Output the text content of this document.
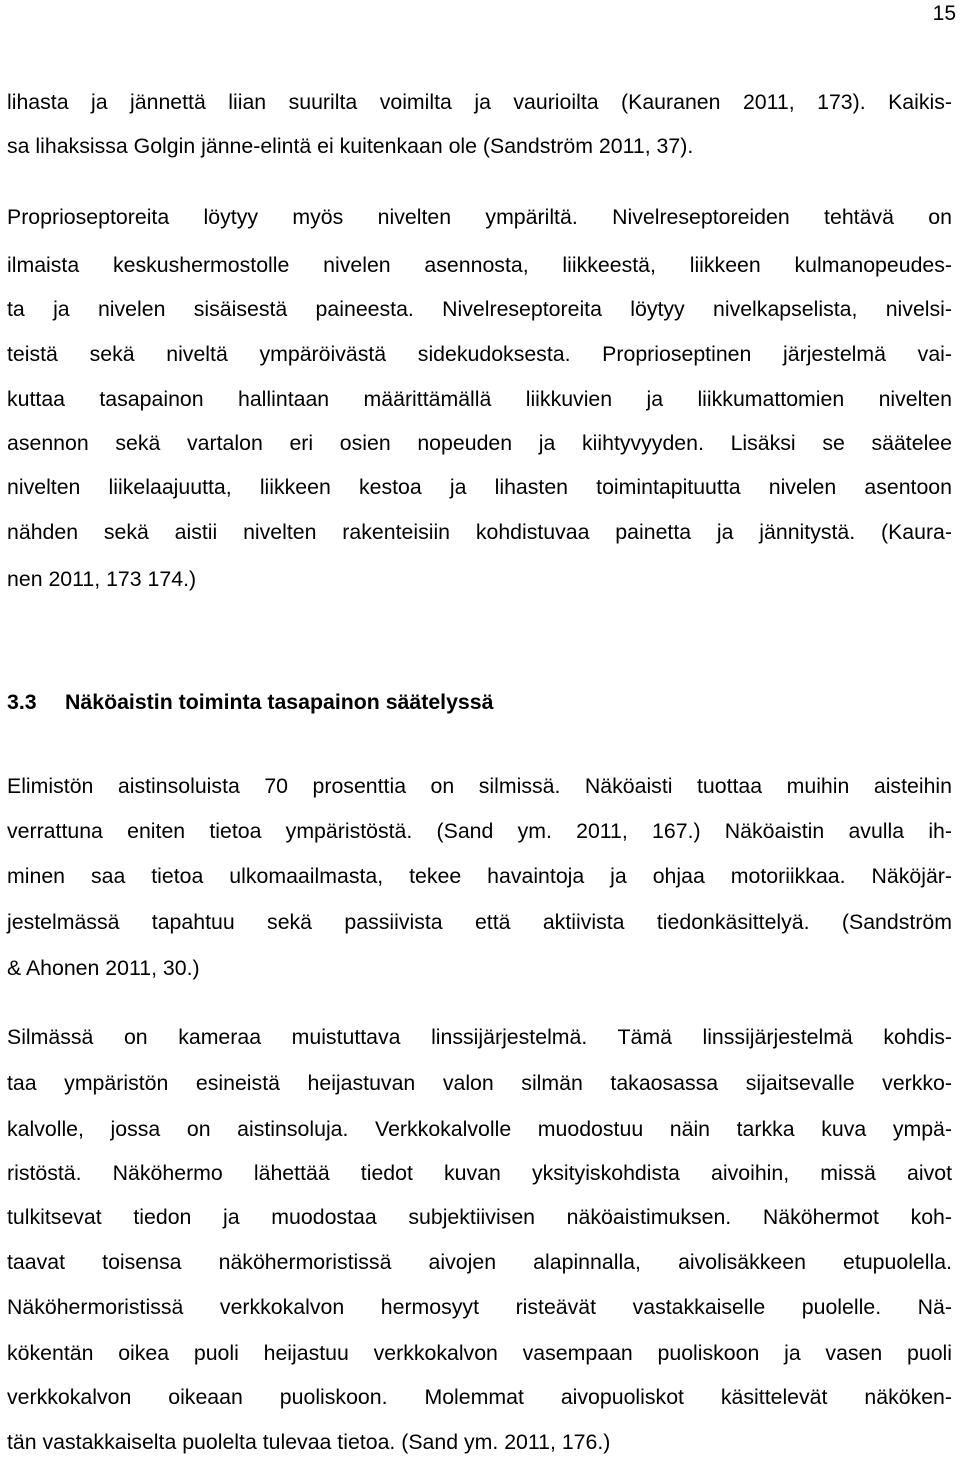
15
lihasta ja jännettä liian suurilta voimilta ja vaurioilta (Kauranen 2011, 173). Kaikis-
sa lihaksissa Golgin jänne-elintä ei kuitenkaan ole (Sandström 2011, 37).
Proprioseptoreita löytyy myös nivelten ympäriltä. Nivelreseptoreiden tehtävä on
ilmaista keskushermostolle nivelen asennosta, liikkeestä, liikkeen kulmanopeudes-
ta ja nivelen sisäisestä paineesta. Nivelreseptoreita löytyy nivelkapselista, nivelsi-
teistä sekä niveltä ympäröivästä sidekudoksesta. Proprioseptinen järjestelmä vai-
kuttaa tasapainon hallintaan määrittämällä liikkuvien ja liikkumattomien nivelten
asennon sekä vartalon eri osien nopeuden ja kiihtyvyyden. Lisäksi se säätelee
nivelten liikelaajuutta, liikkeen kestoa ja lihasten toimintapituutta nivelen asentoon
nähden sekä aistii nivelten rakenteisiin kohdistuvaa painetta ja jännitystä. (Kaura-
nen 2011, 173 174.)
3.3 Näköaistin toiminta tasapainon säätelyssä
Elimistön aistinsoluista 70 prosenttia on silmissä. Näköaisti tuottaa muihin aisteihin
verrattuna eniten tietoa ympäristöstä. (Sand ym. 2011, 167.) Näköaistin avulla ih-
minen saa tietoa ulkomaailmasta, tekee havaintoja ja ohjaa motoriikkaa. Näköjär-
jestelmässä tapahtuu sekä passiivista että aktiivista tiedonkäsittelyä. (Sandström
& Ahonen 2011, 30.)
Silmässä on kameraa muistuttava linssijärjestelmä. Tämä linssijärjestelmä kohdis-
taa ympäristön esineistä heijastuvan valon silmän takaosassa sijaitsevalle verkko-
kalvolle, jossa on aistinsoluja. Verkkokalvolle muodostuu näin tarkka kuva ympä-
ristöstä. Näköhermo lähettää tiedot kuvan yksityiskohdista aivoihin, missä aivot
tulkitsevat tiedon ja muodostaa subjektiivisen näköaistimuksen. Näköhermot koh-
taavat toisensa näköhermoristissä aivojen alapinnalla, aivolisäkkeen etupuolella.
Näköhermoristissä verkkokalvon hermosyyt risteävät vastakkaiselle puolelle. Nä-
kökentän oikea puoli heijastuu verkkokalvon vasempaan puoliskoon ja vasen puoli
verkkokalvon oikeaan puoliskoon. Molemmat aivopuoliskot käsittelevät näköken-
tän vastakkaiselta puolelta tulevaa tietoa. (Sand ym. 2011, 176.)
